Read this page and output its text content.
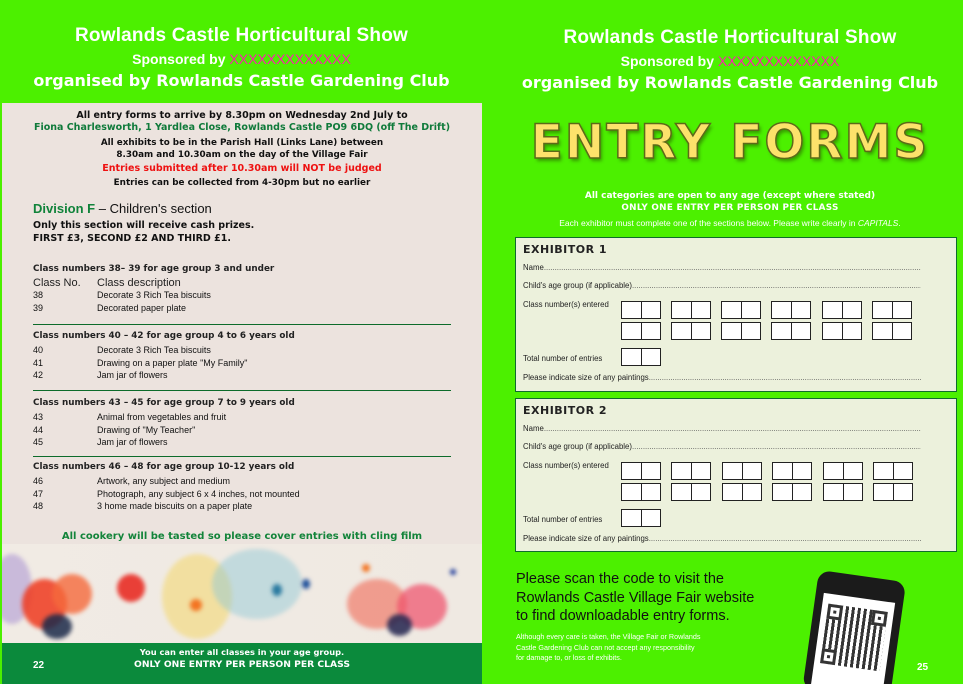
Rowlands Castle Horticultural Show
Sponsored by XXXXXXXXXXXXX
organised by Rowlands Castle Gardening Club
All entry forms to arrive by 8.30pm on Wednesday 2nd July to
Fiona Charlesworth, 1 Yardlea Close, Rowlands Castle PO9 6DQ (off The Drift)
All exhibits to be in the Parish Hall (Links Lane) between
8.30am and 10.30am on the day of the Village Fair
Entries submitted after 10.30am will NOT be judged
Entries can be collected from 4-30pm but no earlier
Division F – Children's section
Only this section will receive cash prizes.
FIRST £3, SECOND £2 AND THIRD £1.
Class numbers 38– 39 for age group 3 and under
Class No. Class description
38	Decorate 3 Rich Tea biscuits
39	Decorated paper plate
Class numbers 40 – 42 for age group 4 to 6 years old
40	Decorate 3 Rich Tea biscuits
41	Drawing on a paper plate "My Family"
42	Jam jar of flowers
Class numbers 43 – 45 for age group 7 to 9 years old
43	Animal from vegetables and fruit
44	Drawing of "My Teacher"
45	Jam jar of flowers
Class numbers 46 – 48 for age group 10-12 years old
46	Artwork, any subject and medium
47	Photograph, any subject 6 x 4 inches, not mounted
48	3 home made biscuits on a paper plate
All cookery will be tasted so please cover entries with cling film
22
You can enter all classes in your age group.
ONLY ONE ENTRY PER PERSON PER CLASS
Rowlands Castle Horticultural Show
Sponsored by XXXXXXXXXXXXX
organised by Rowlands Castle Gardening Club
ENTRY FORMS
All categories are open to any age (except where stated)
ONLY ONE ENTRY PER PERSON PER CLASS
Each exhibitor must complete one of the sections below. Please write clearly in CAPITALS.
EXHIBITOR 1
Name .....
Child's age group (if applicable) .....
Class number(s) entered
Total number of entries
Please indicate size of any paintings .....
EXHIBITOR 2
Name .....
Child's age group (if applicable) .....
Class number(s) entered
Total number of entries
Please indicate size of any paintings .....
Please scan the code to visit the
Rowlands Castle Village Fair website
to find downloadable entry forms.
Although every care is taken, the Village Fair or Rowlands
Castle Gardening Club can not accept any responsibility
for damage to, or loss of exhibits.
25
